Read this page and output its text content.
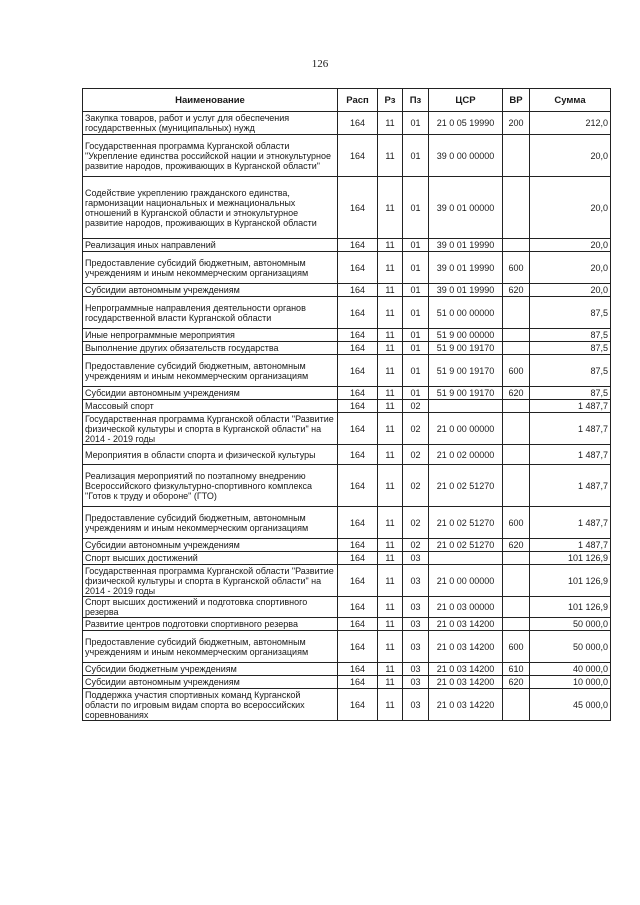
126
Наименование	Расп	Рз	Пз	ЦСР	ВР	Сумма
Закупка товаров, работ и услуг для обеспечения государственных (муниципальных) нужд	164	11	01	21 0 05 19990	200	212,0
Государственная программа Курганской области "Укрепление единства российской нации и этнокультурное развитие народов, проживающих в Курганской области"	164	11	01	39 0 00 00000		20,0
Содействие укреплению гражданского единства, гармонизации национальных и межнациональных отношений в Курганской области и этнокультурное развитие народов, проживающих в Курганской области	164	11	01	39 0 01 00000		20,0
Реализация иных направлений	164	11	01	39 0 01 19990		20,0
Предоставление субсидий бюджетным, автономным учреждениям и иным некоммерческим организациям	164	11	01	39 0 01 19990	600	20,0
Субсидии автономным учреждениям	164	11	01	39 0 01 19990	620	20,0
Непрограммные направления деятельности органов государственной власти Курганской области	164	11	01	51 0 00 00000		87,5
Иные непрограммные мероприятия	164	11	01	51 9 00 00000		87,5
Выполнение других обязательств государства	164	11	01	51 9 00 19170		87,5
Предоставление субсидий бюджетным, автономным учреждениям и иным некоммерческим организациям	164	11	01	51 9 00 19170	600	87,5
Субсидии автономным учреждениям	164	11	01	51 9 00 19170	620	87,5
Массовый спорт	164	11	02			1 487,7
Государственная программа Курганской области "Развитие физической культуры и спорта в Курганской области" на 2014 - 2019 годы	164	11	02	21 0 00 00000		1 487,7
Мероприятия в области спорта и физической культуры	164	11	02	21 0 02 00000		1 487,7
Реализация мероприятий по поэтапному внедрению Всероссийского физкультурно-спортивного комплекса "Готов к труду и обороне" (ГТО)	164	11	02	21 0 02 51270		1 487,7
Предоставление субсидий бюджетным, автономным учреждениям и иным некоммерческим организациям	164	11	02	21 0 02 51270	600	1 487,7
Субсидии автономным учреждениям	164	11	02	21 0 02 51270	620	1 487,7
Спорт высших достижений	164	11	03			101 126,9
Государственная программа Курганской области "Развитие физической культуры и спорта в Курганской области" на 2014 - 2019 годы	164	11	03	21 0 00 00000		101 126,9
Спорт высших достижений и подготовка спортивного резерва	164	11	03	21 0 03 00000		101 126,9
Развитие центров подготовки спортивного резерва	164	11	03	21 0 03 14200		50 000,0
Предоставление субсидий бюджетным, автономным учреждениям и иным некоммерческим организациям	164	11	03	21 0 03 14200	600	50 000,0
Субсидии бюджетным учреждениям	164	11	03	21 0 03 14200	610	40 000,0
Субсидии автономным учреждениям	164	11	03	21 0 03 14200	620	10 000,0
Поддержка участия спортивных команд Курганской области по игровым видам спорта во всероссийских соревнованиях	164	11	03	21 0 03 14220		45 000,0
